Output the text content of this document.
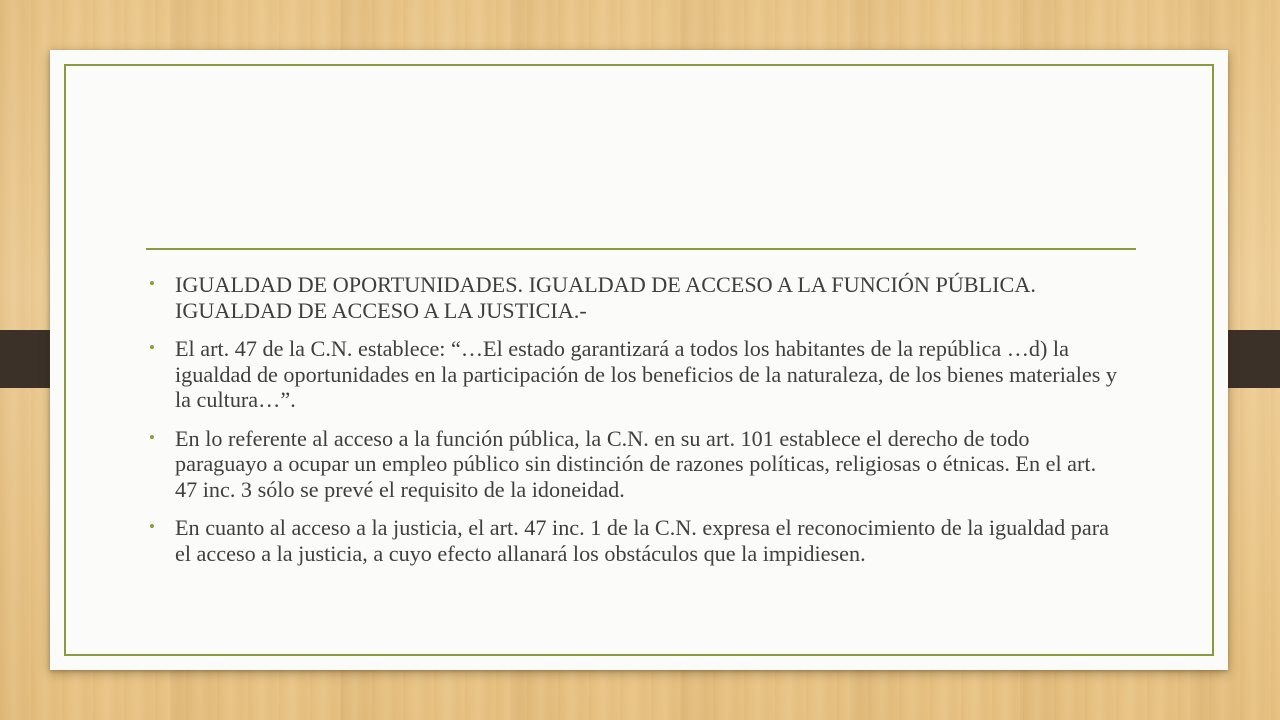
• IGUALDAD DE OPORTUNIDADES. IGUALDAD DE ACCESO A LA FUNCIÓN PÚBLICA. IGUALDAD DE ACCESO A LA JUSTICIA.-
• El art. 47 de la C.N. establece: “…El estado garantizará a todos los habitantes de la república …d) la igualdad de oportunidades en la participación de los beneficios de la naturaleza, de los bienes materiales y la cultura…”.
• En lo referente al acceso a la función pública, la C.N. en su art. 101 establece el derecho de todo paraguayo a ocupar un empleo público sin distinción de razones políticas, religiosas o étnicas. En el art. 47 inc. 3 sólo se prevé el requisito de la idoneidad.
• En cuanto al acceso a la justicia, el art. 47 inc. 1 de la C.N. expresa el reconocimiento de la igualdad para el acceso a la justicia, a cuyo efecto allanará los obstáculos que la impidiesen.
